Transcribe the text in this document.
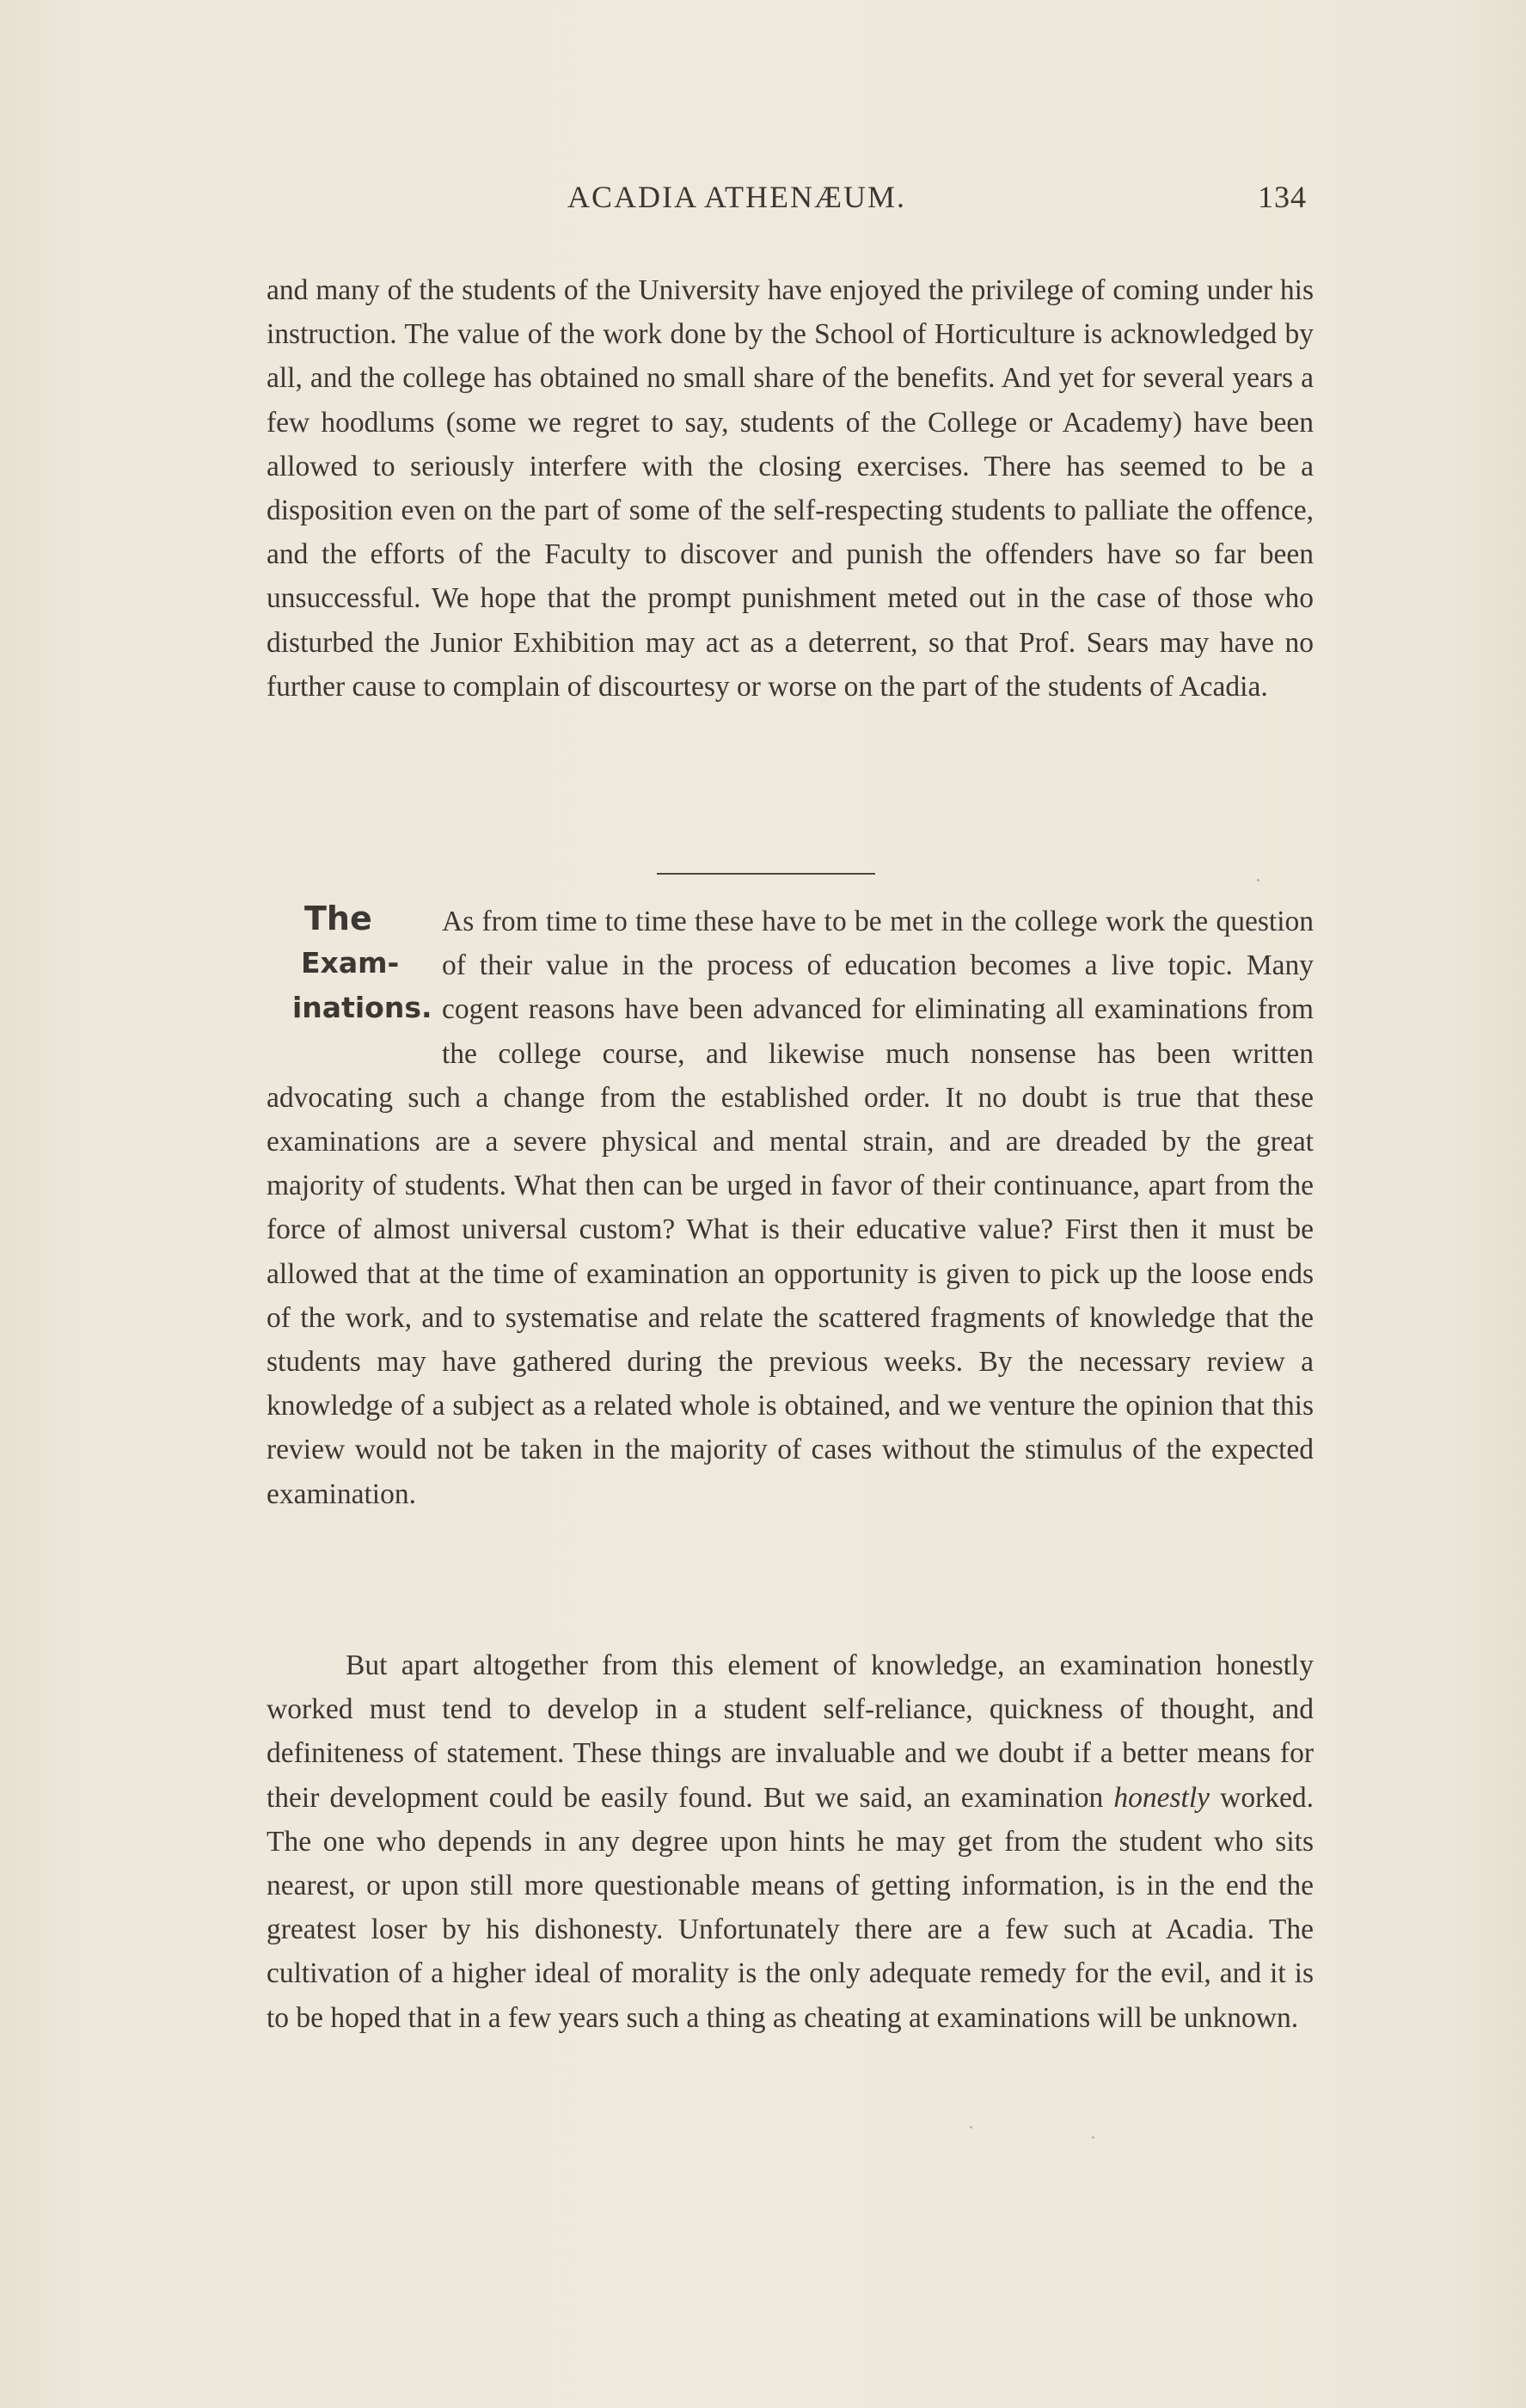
ACADIA ATHENÆUM.	134

and many of the students of the University have enjoyed the privilege of coming under his instruction. The value of the work done by the School of Horticulture is acknowledged by all, and the college has obtained no small share of the benefits. And yet for several years a few hoodlums (some we regret to say, students of the College or Academy) have been allowed to seriously interfere with the closing exercises. There has seemed to be a disposition even on the part of some of the self-respecting students to palliate the offence, and the efforts of the Faculty to discover and punish the offenders have so far been unsuccessful. We hope that the prompt punishment meted out in the case of those who disturbed the Junior Exhibition may act as a deterrent, so that Prof. Sears may have no further cause to complain of discourtesy or worse on the part of the students of Acadia.

The
Exam-
inations.

As from time to time these have to be met in the college work the question of their value in the process of education becomes a live topic. Many cogent reasons have been advanced for eliminating all examinations from the college course, and likewise much nonsense has been written advocating such a change from the established order. It no doubt is true that these examinations are a severe physical and mental strain, and are dreaded by the great majority of students. What then can be urged in favor of their continuance, apart from the force of almost universal custom? What is their educative value? First then it must be allowed that at the time of examination an opportunity is given to pick up the loose ends of the work, and to systematise and relate the scattered fragments of knowledge that the students may have gathered during the previous weeks. By the necessary review a knowledge of a subject as a related whole is obtained, and we venture the opinion that this review would not be taken in the majority of cases without the stimulus of the expected examination.

But apart altogether from this element of knowledge, an examination honestly worked must tend to develop in a student self-reliance, quickness of thought, and definiteness of statement. These things are invaluable and we doubt if a better means for their development could be easily found. But we said, an examination honestly worked. The one who depends in any degree upon hints he may get from the student who sits nearest, or upon still more questionable means of getting information, is in the end the greatest loser by his dishonesty. Unfortunately there are a few such at Acadia. The cultivation of a higher ideal of morality is the only adequate remedy for the evil, and it is to be hoped that in a few years such a thing as cheating at examinations will be unknown.
